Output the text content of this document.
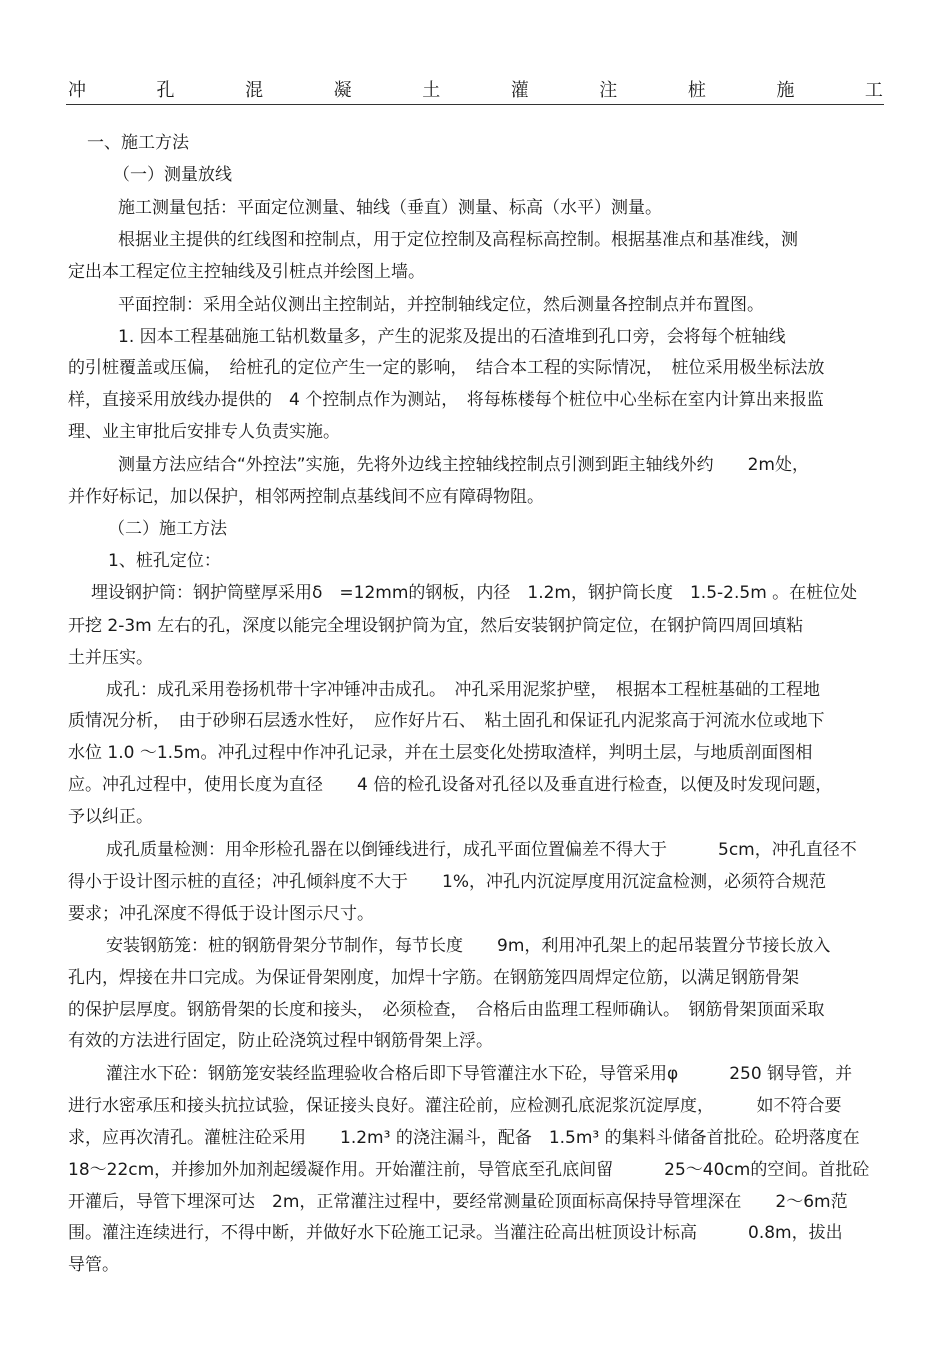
冲	孔	混	凝	土	灌	注	桩	施	工
一、施工方法
（一）测量放线
施工测量包括：平面定位测量、轴线（垂直）测量、标高（水平）测量。
根据业主提供的红线图和控制点，用于定位控制及高程标高控制。根据基准点和基准线，测
定出本工程定位主控轴线及引桩点并绘图上墙。
平面控制：采用全站仪测出主控制站，并控制轴线定位，然后测量各控制点并布置图。
1. 因本工程基础施工钻机数量多，产生的泥浆及提出的石渣堆到孔口旁，会将每个桩轴线
的引桩覆盖或压偏，　给桩孔的定位产生一定的影响，　结合本工程的实际情况，　桩位采用极坐标法放
样，直接采用放线办提供的　4 个控制点作为测站，　将每栋楼每个桩位中心坐标在室内计算出来报监
理、业主审批后安排专人负责实施。
测量方法应结合“外控法”实施，先将外边线主控轴线控制点引测到距主轴线外约　　2m处，
并作好标记，加以保护，相邻两控制点基线间不应有障碍物阻。
（二）施工方法
1、桩孔定位：
埋设钢护筒：钢护筒壁厚采用δ　=12mm的钢板，内径　1.2m，钢护筒长度　1.5-2.5m 。在桩位处
开挖 2-3m 左右的孔，深度以能完全埋设钢护筒为宜，然后安装钢护筒定位，在钢护筒四周回填粘
土并压实。
成孔：成孔采用卷扬机带十字冲锤冲击成孔。　冲孔采用泥浆护壁，　根据本工程桩基础的工程地
质情况分析，　由于砂卵石层透水性好，　应作好片石、　粘土固孔和保证孔内泥浆高于河流水位或地下
水位 1.0 ～1.5m。冲孔过程中作冲孔记录，并在土层变化处捞取渣样，判明土层，与地质剖面图相
应。冲孔过程中，使用长度为直径　　4 倍的检孔设备对孔径以及垂直进行检查，以便及时发现问题，
予以纠正。
成孔质量检测：用伞形检孔器在以倒锤线进行，成孔平面位置偏差不得大于　　　5cm，冲孔直径不
得小于设计图示桩的直径；冲孔倾斜度不大于　　1%，冲孔内沉淀厚度用沉淀盒检测，必须符合规范
要求；冲孔深度不得低于设计图示尺寸。
安装钢筋笼：桩的钢筋骨架分节制作，每节长度　　9m，利用冲孔架上的起吊装置分节接长放入
孔内，焊接在井口完成。为保证骨架刚度，加焊十字筋。在钢筋笼四周焊定位筋，以满足钢筋骨架
的保护层厚度。钢筋骨架的长度和接头，　必须检查，　合格后由监理工程师确认。　钢筋骨架顶面采取
有效的方法进行固定，防止砼浇筑过程中钢筋骨架上浮。
灌注水下砼：钢筋笼安装经监理验收合格后即下导管灌注水下砼，导管采用φ　　　250 钢导管，并
进行水密承压和接头抗拉试验，保证接头良好。灌注砼前，应检测孔底泥浆沉淀厚度，　　　如不符合要
求，应再次清孔。灌桩注砼采用　　1.2m³ 的浇注漏斗，配备　1.5m³ 的集料斗储备首批砼。砼坍落度在
18～22cm，并掺加外加剂起缓凝作用。开始灌注前，导管底至孔底间留　　　25～40cm的空间。首批砼
开灌后，导管下埋深可达　2m，正常灌注过程中，要经常测量砼顶面标高保持导管埋深在　　2～6m范
围。灌注连续进行，不得中断，并做好水下砼施工记录。当灌注砼高出桩顶设计标高　　　0.8m，拔出
导管。
